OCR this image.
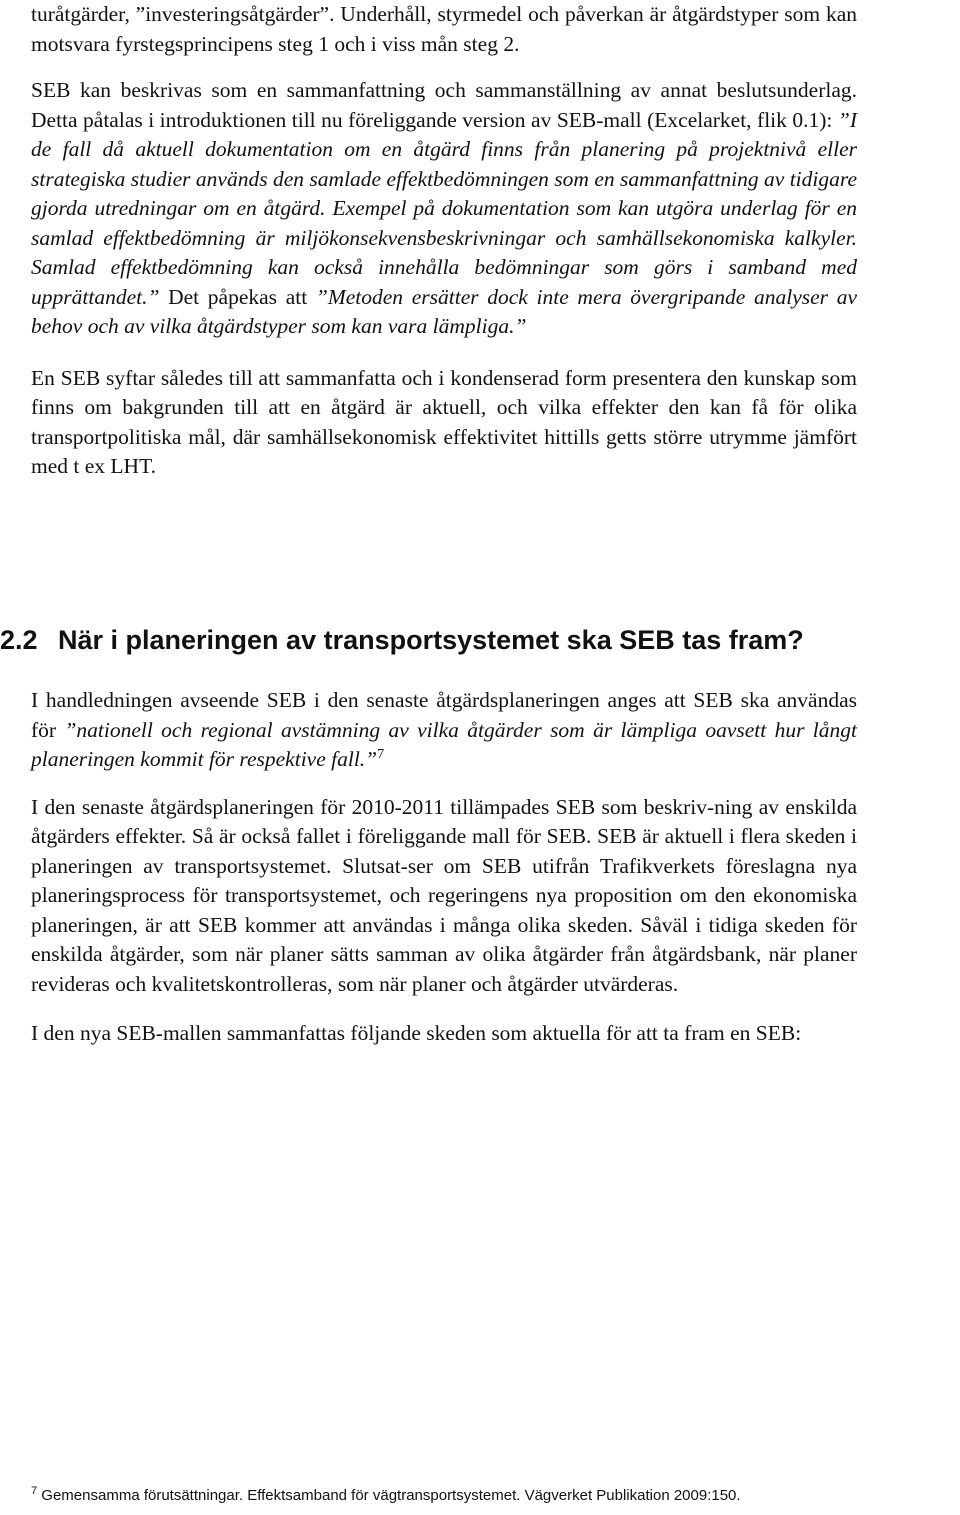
turåtgärder, ”investeringsåtgärder”. Underhåll, styrmedel och påverkan är åtgärdstyper som kan motsvara fyrstegsprincipens steg 1 och i viss mån steg 2.

SEB kan beskrivas som en sammanfattning och sammanställning av annat beslutsunderlag. Detta påtalas i introduktionen till nu föreliggande version av SEB-mall (Excelarket, flik 0.1): ”I de fall då aktuell dokumentation om en åtgärd finns från planering på projektnivå eller strategiska studier används den samlade effektbedömningen som en sammanfattning av tidigare gjorda utredningar om en åtgärd. Exempel på dokumentation som kan utgöra underlag för en samlad effektbedömning är miljökonsekvensbeskrivningar och samhällsekonomiska kalkyler. Samlad effektbedömning kan också innehålla bedömningar som görs i samband med upprättandet.” Det påpekas att ”Metoden ersätter dock inte mera övergripande analyser av behov och av vilka åtgärdstyper som kan vara lämpliga.”

En SEB syftar således till att sammanfatta och i kondenserad form presentera den kunskap som finns om bakgrunden till att en åtgärd är aktuell, och vilka effekter den kan få för olika transportpolitiska mål, där samhällsekonomisk effektivitet hittills getts större utrymme jämfört med t ex LHT.

2.2 När i planeringen av transportsystemet ska SEB tas fram?

I handledningen avseende SEB i den senaste åtgärdsplaneringen anges att SEB ska användas för ”nationell och regional avstämning av vilka åtgärder som är lämpliga oavsett hur långt planeringen kommit för respektive fall.”$^7$

I den senaste åtgärdsplaneringen för 2010-2011 tillämpades SEB som beskriv-ning av enskilda åtgärders effekter. Så är också fallet i föreliggande mall för SEB. SEB är aktuell i flera skeden i planeringen av transportsystemet. Slutsat-ser om SEB utifrån Trafikverkets föreslagna nya planeringsprocess för transportsystemet, och regeringens nya proposition om den ekonomiska planeringen, är att SEB kommer att användas i många olika skeden. Såväl i tidiga skeden för enskilda åtgärder, som när planer sätts samman av olika åtgärder från åtgärdsbank, när planer revideras och kvalitetskontrolleras, som när planer och åtgärder utvärderas.

I den nya SEB-mallen sammanfattas följande skeden som aktuella för att ta fram en SEB:

$^7$ Gemensamma förutsättningar. Effektsamband för vägtransportsystemet. Vägverket Publikation 2009:150.
